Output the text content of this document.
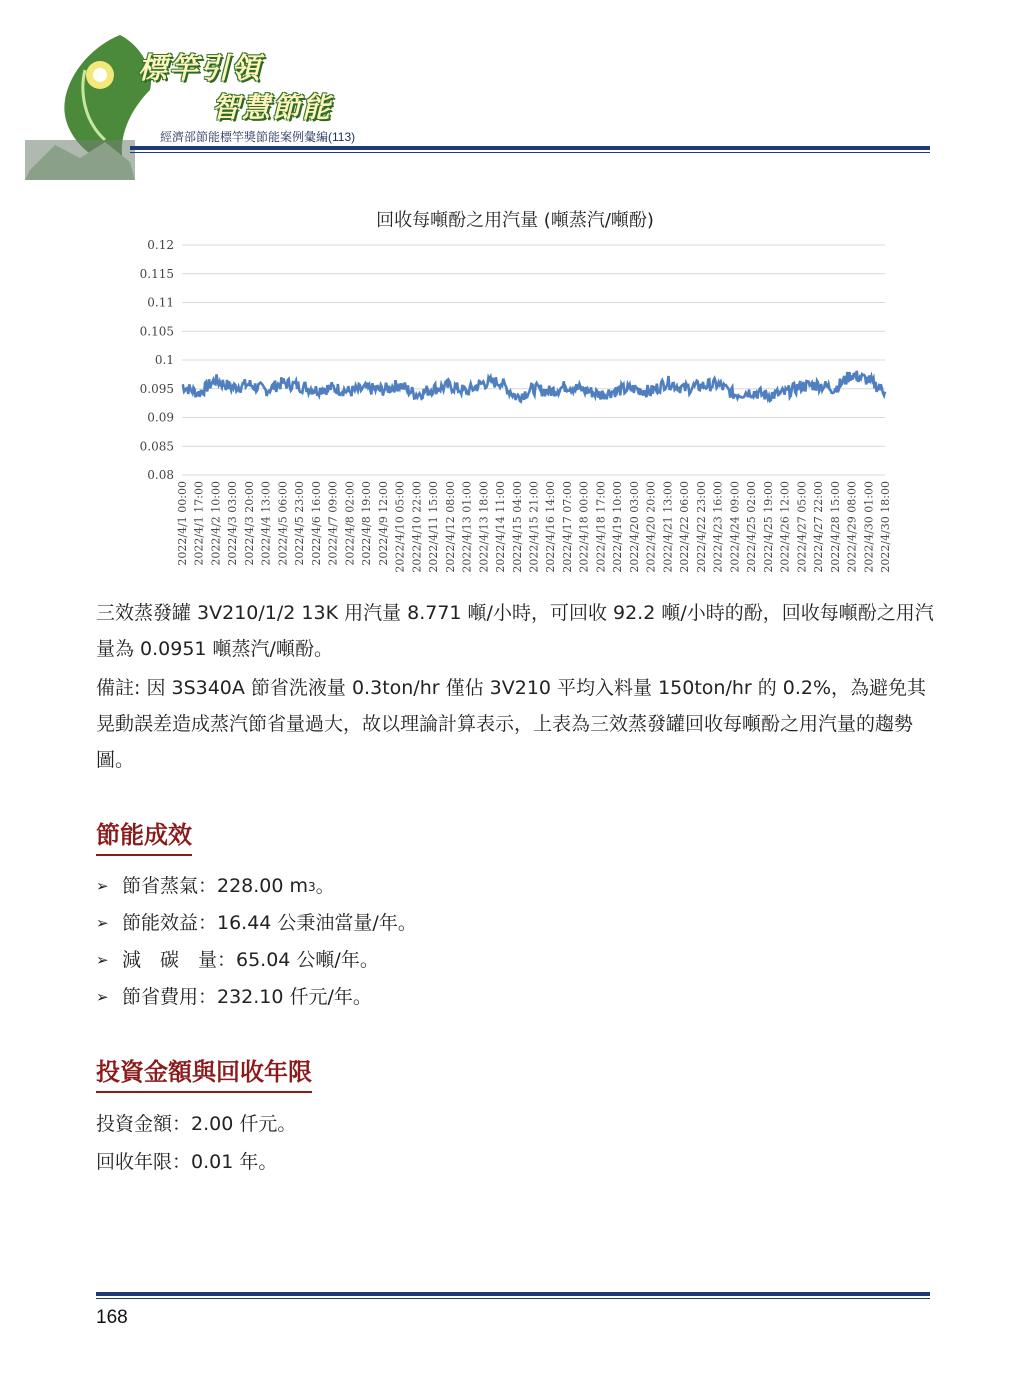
標竿引領
智慧節能
經濟部節能標竿獎節能案例彙編(113)
回收每噸酚之用汽量 (噸蒸汽/噸酚)
0.12
0.115
0.11
0.105
0.1
0.095
0.09
0.085
0.08
2022/4/1 00:00 2022/4/1 17:00 2022/4/2 10:00 2022/4/3 03:00 2022/4/3 20:00 2022/4/4 13:00 2022/4/5 06:00 2022/4/5 23:00 2022/4/6 16:00 2022/4/7 09:00 2022/4/8 02:00 2022/4/8 19:00 2022/4/9 12:00 2022/4/10 05:00 2022/4/10 22:00 2022/4/11 15:00 2022/4/12 08:00 2022/4/13 01:00 2022/4/13 18:00 2022/4/14 11:00 2022/4/15 04:00 2022/4/15 21:00 2022/4/16 14:00 2022/4/17 07:00 2022/4/18 00:00 2022/4/18 17:00 2022/4/19 10:00 2022/4/20 03:00 2022/4/20 20:00 2022/4/21 13:00 2022/4/22 06:00 2022/4/22 23:00 2022/4/23 16:00 2022/4/24 09:00 2022/4/25 02:00 2022/4/25 19:00 2022/4/26 12:00 2022/4/27 05:00 2022/4/27 22:00 2022/4/28 15:00 2022/4/29 08:00 2022/4/30 01:00 2022/4/30 18:00
三效蒸發罐 3V210/1/2 13K 用汽量 8.771 噸/小時，可回收 92.2 噸/小時的酚，回收每噸酚之用汽量為 0.0951 噸蒸汽/噸酚。
備註: 因 3S340A 節省洗液量 0.3ton/hr 僅佔 3V210 平均入料量 150ton/hr 的 0.2%，為避免其晃動誤差造成蒸汽節省量過大，故以理論計算表示，上表為三效蒸發罐回收每噸酚之用汽量的趨勢圖。
節能成效
➢ 節省蒸氣：228.00 m 3 。
➢ 節能效益：16.44 公秉油當量/年。
➢ 減　碳　量：65.04 公噸/年。
➢ 節省費用：232.10 仟元/年。
投資金額與回收年限
投資金額：2.00 仟元。
回收年限：0.01 年。
168
